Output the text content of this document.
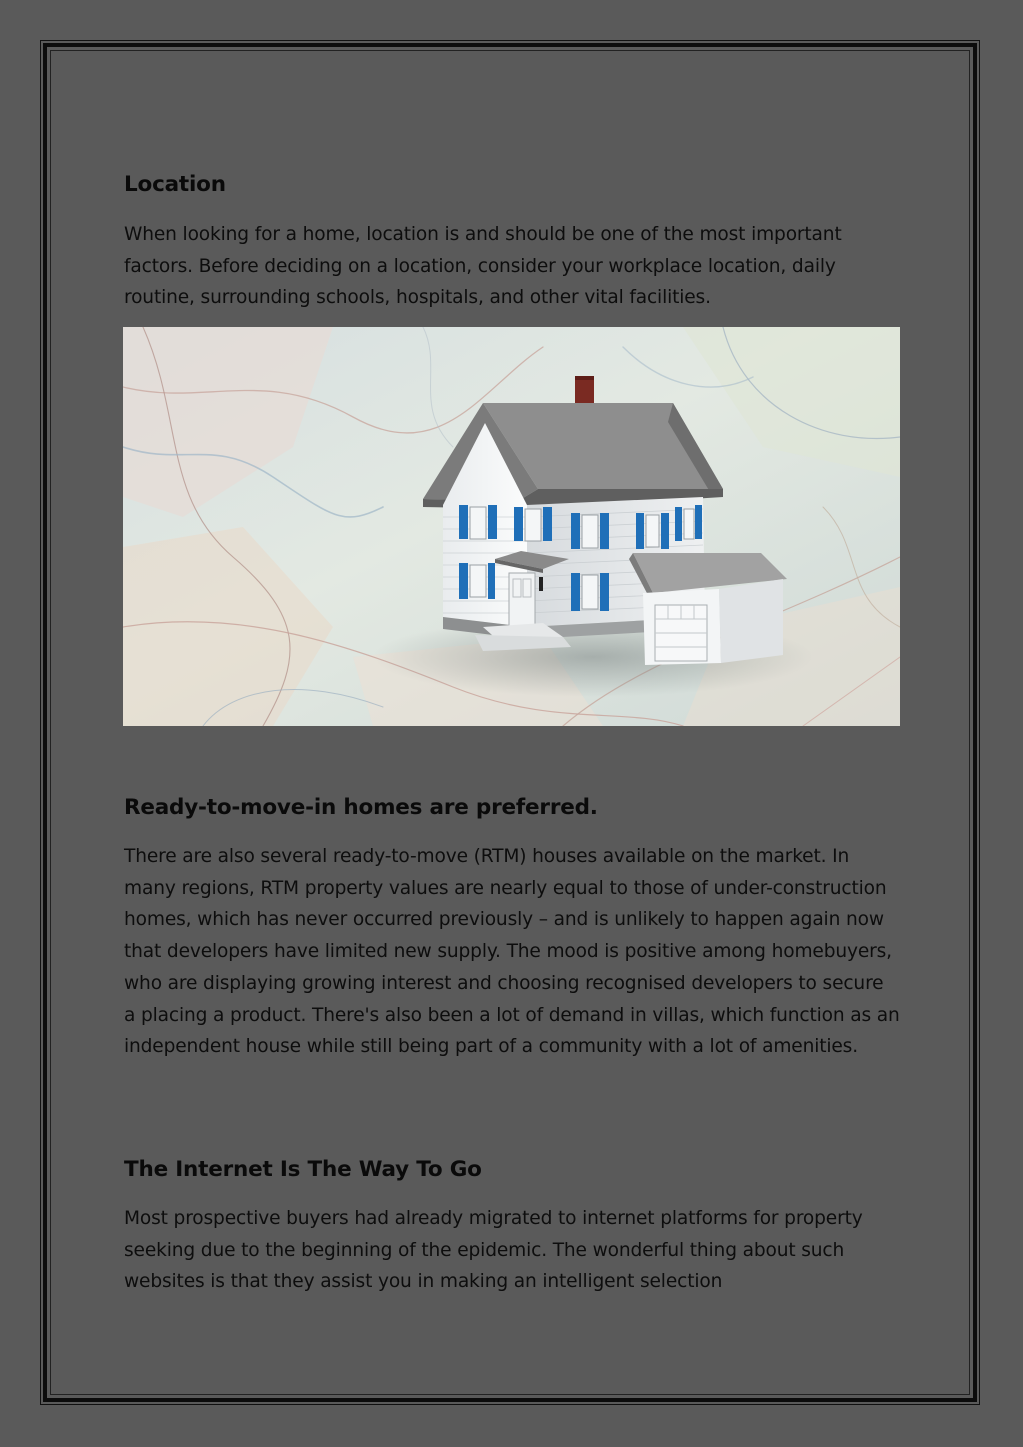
Location

When looking for a home, location is and should be one of the most important factors. Before deciding on a location, consider your workplace location, daily routine, surrounding schools, hospitals, and other vital facilities.

Ready-to-move-in homes are preferred.

There are also several ready-to-move (RTM) houses available on the market. In many regions, RTM property values are nearly equal to those of under-construction homes, which has never occurred previously – and is unlikely to happen again now that developers have limited new supply. The mood is positive among homebuyers, who are displaying growing interest and choosing recognised developers to secure a placing a product. There's also been a lot of demand in villas, which function as an independent house while still being part of a community with a lot of amenities.

The Internet Is The Way To Go

Most prospective buyers had already migrated to internet platforms for property seeking due to the beginning of the epidemic. The wonderful thing about such websites is that they assist you in making an intelligent selection
